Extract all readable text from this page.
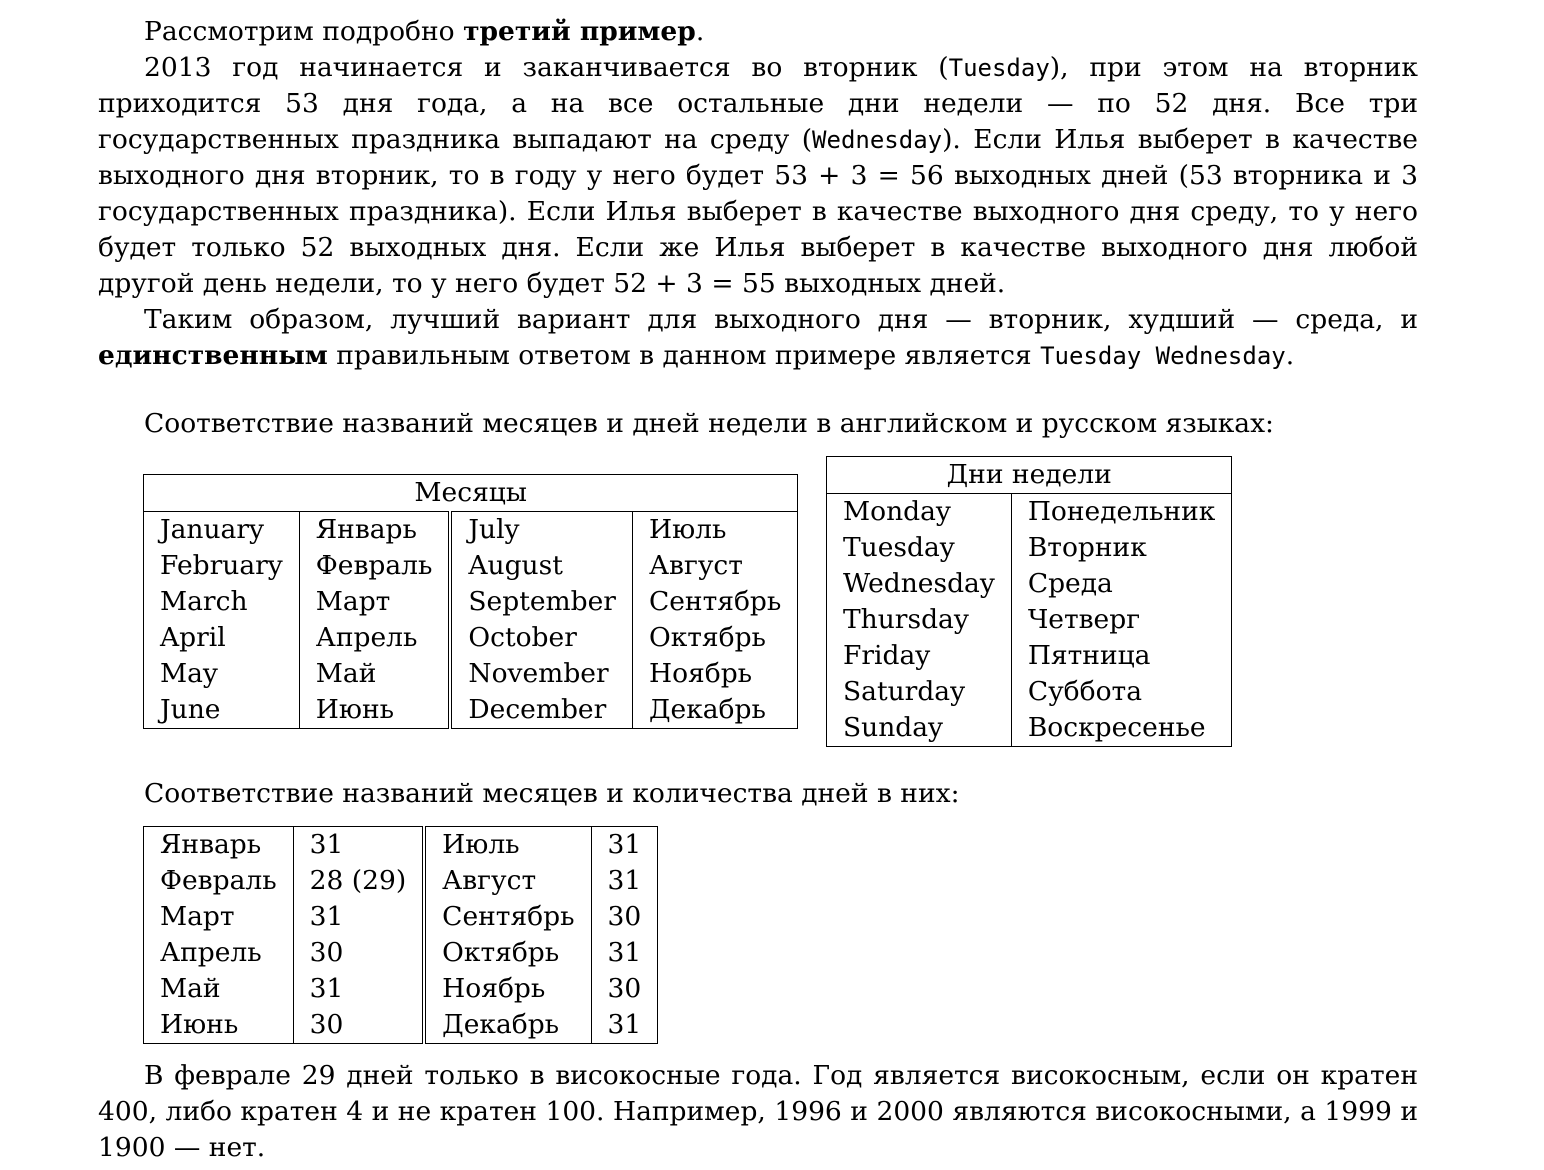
Рассмотрим подробно третий пример.

2013 год начинается и заканчивается во вторник (Tuesday), при этом на вторник приходится 53 дня года, а на все остальные дни недели — по 52 дня. Все три государственных праздника выпадают на среду (Wednesday). Если Илья выберет в качестве выходного дня вторник, то в году у него будет 53 + 3 = 56 выходных дней (53 вторника и 3 государственных праздника). Если Илья выберет в качестве выходного дня среду, то у него будет только 52 выходных дня. Если же Илья выберет в качестве выходного дня любой другой день недели, то у него будет 52 + 3 = 55 выходных дней.

Таким образом, лучший вариант для выходного дня — вторник, худший — среда, и единственным правильным ответом в данном примере является Tuesday Wednesday.

Соответствие названий месяцев и дней недели в английском и русском языках:

Месяцы			
January	Январь	July	Июль
February	Февраль	August	Август
March	Март	September	Сентябрь
April	Апрель	October	Октябрь
May	Май	November	Ноябрь
June	Июнь	December	Декабрь
Дни недели	
Monday	Понедельник
Tuesday	Вторник
Wednesday	Среда
Thursday	Четверг
Friday	Пятница
Saturday	Суббота
Sunday	Воскресенье

Соответствие названий месяцев и количества дней в них:

Январь	31	Июль	31
Февраль	28 (29)	Август	31
Март	31	Сентябрь	30
Апрель	30	Октябрь	31
Май	31	Ноябрь	30
Июнь	30	Декабрь	31

В феврале 29 дней только в високосные года. Год является високосным, если он кратен 400, либо кратен 4 и не кратен 100. Например, 1996 и 2000 являются високосными, а 1999 и 1900 — нет.
